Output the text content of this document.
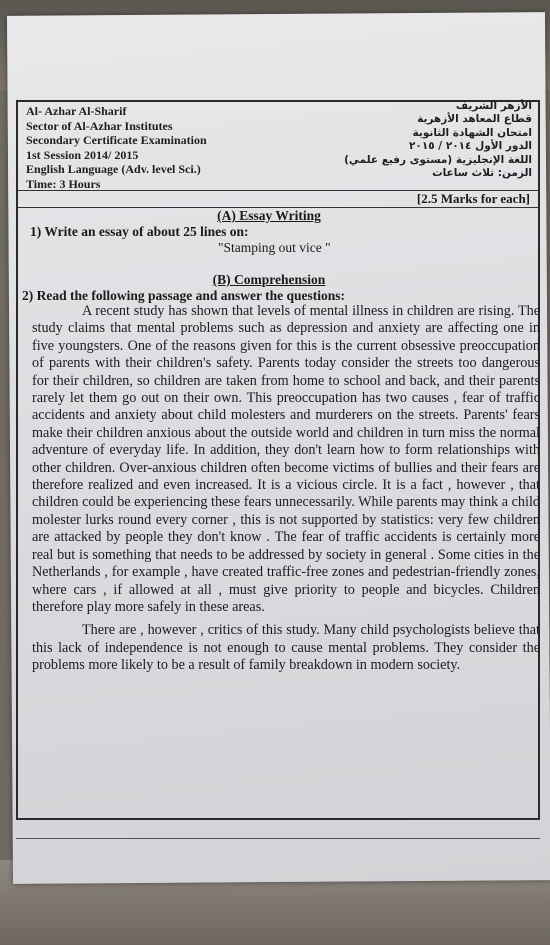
Al- Azhar Al-Sharif
Sector of Al-Azhar Institutes
Secondary Certificate Examination
1st Session 2014/ 2015
English Language (Adv. level Sci.)
Time: 3 Hours
الأزهر الشريف
قطاع المعاهد الأزهرية
امتحان الشهادة الثانوية
الدور الأول ٢٠١٤ / ٢٠١٥
اللغة الإنجليزية (مستوى رفيع علمي)
الزمن: ثلاث ساعات
[2.5 Marks for each]
(A) Essay Writing
1) Write an essay of about 25 lines on:
"Stamping out vice "
(B) Comprehension
2) Read the following passage and answer the questions:

A recent study has shown that levels of mental illness in children are rising. The study claims that mental problems such as depression and anxiety are affecting one in five youngsters. One of the reasons given for this is the current obsessive preoccupation of parents with their children's safety. Parents today consider the streets too dangerous for their children, so children are taken from home to school and back, and their parents rarely let them go out on their own. This preoccupation has two causes , fear of traffic accidents and anxiety about child molesters and murderers on the streets. Parents' fears make their children anxious about the outside world and children in turn miss the normal adventure of everyday life. In addition, they don't learn how to form relationships with other children. Over-anxious children often become victims of bullies and their fears are therefore realized and even increased. It is a vicious circle. It is a fact , however , that children could be experiencing these fears unnecessarily. While parents may think a child molester lurks round every corner , this is not supported by statistics: very few children are attacked by people they don't know . The fear of traffic accidents is certainly more real but is something that needs to be addressed by society in general . Some cities in the Netherlands , for example , have created traffic-free zones and pedestrian-friendly zones, where cars , if allowed at all , must give priority to people and bicycles. Children therefore play more safely in these areas.

There are , however , critics of this study. Many child psychologists believe that this lack of independence is not enough to cause mental problems. They consider the problems more likely to be a result of family breakdown in modern society.
